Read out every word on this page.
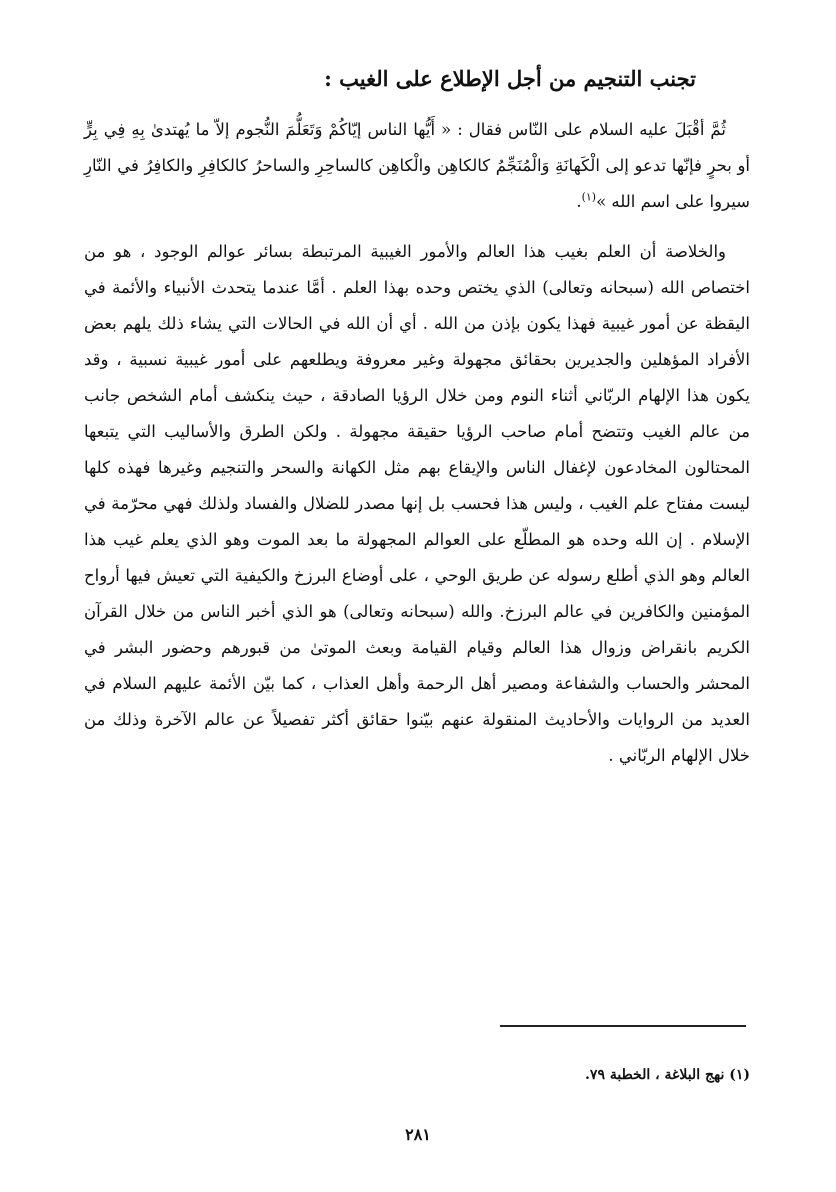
تجنب التنجيم من أجل الإطلاع على الغيب :

ثُمَّ أقْبَلَ عليه السلام على النّاس فقال : « أَيُّها الناس إيّاكُمْ وَتَعَلُّمَ النُّجوم إلاّ ما يُهتدىٰ بِهِ فِي بِرٍّ أو بحرٍ فإنّها تدعو إلى الْكَهانَةِ وَالْمُنَجِّمُ كالكاهِن والْكاهِن كالساحِرِ والساحرُ كالكافِرِ والكافِرُ في النّارِ سيروا على اسم الله »$^{(١)}$.

والخلاصة أن العلم بغيب هذا العالم والأمور الغيبية المرتبطة بسائر عوالم الوجود ، هو من اختصاص الله (سبحانه وتعالى) الذي يختص وحده بهذا العلم . أمَّا عندما يتحدث الأنبياء والأئمة في اليقظة عن أمور غيبية فهذا يكون بإذن من الله . أي أن الله في الحالات التي يشاء ذلك يلهم بعض الأفراد المؤهلين والجديرين بحقائق مجهولة وغير معروفة ويطلعهم على أمور غيبية نسبية ، وقد يكون هذا الإلهام الربّاني أثناء النوم ومن خلال الرؤيا الصادقة ، حيث ينكشف أمام الشخص جانب من عالم الغيب وتتضح أمام صاحب الرؤيا حقيقة مجهولة . ولكن الطرق والأساليب التي يتبعها المحتالون المخادعون لإغفال الناس والإيقاع بهم مثل الكهانة والسحر والتنجيم وغيرها فهذه كلها ليست مفتاح علم الغيب ، وليس هذا فحسب بل إنها مصدر للضلال والفساد ولذلك فهي محرّمة في الإسلام . إن الله وحده هو المطلّع على العوالم المجهولة ما بعد الموت وهو الذي يعلم غيب هذا العالم وهو الذي أطلع رسوله عن طريق الوحي ، على أوضاع البرزخ والكيفية التي تعيش فيها أرواح المؤمنين والكافرين في عالم البرزخ. والله (سبحانه وتعالى) هو الذي أخبر الناس من خلال القرآن الكريم بانقراض وزوال هذا العالم وقيام القيامة وبعث الموتىٰ من قبورهم وحضور البشر في المحشر والحساب والشفاعة ومصير أهل الرحمة وأهل العذاب ، كما بيّن الأئمة عليهم السلام في العديد من الروايات والأحاديث المنقولة عنهم بيّنوا حقائق أكثر تفصيلاً عن عالم الآخرة وذلك من خلال الإلهام الربّاني .

(١) نهج البلاغة ، الخطبة ٧٩.
٢٨١
